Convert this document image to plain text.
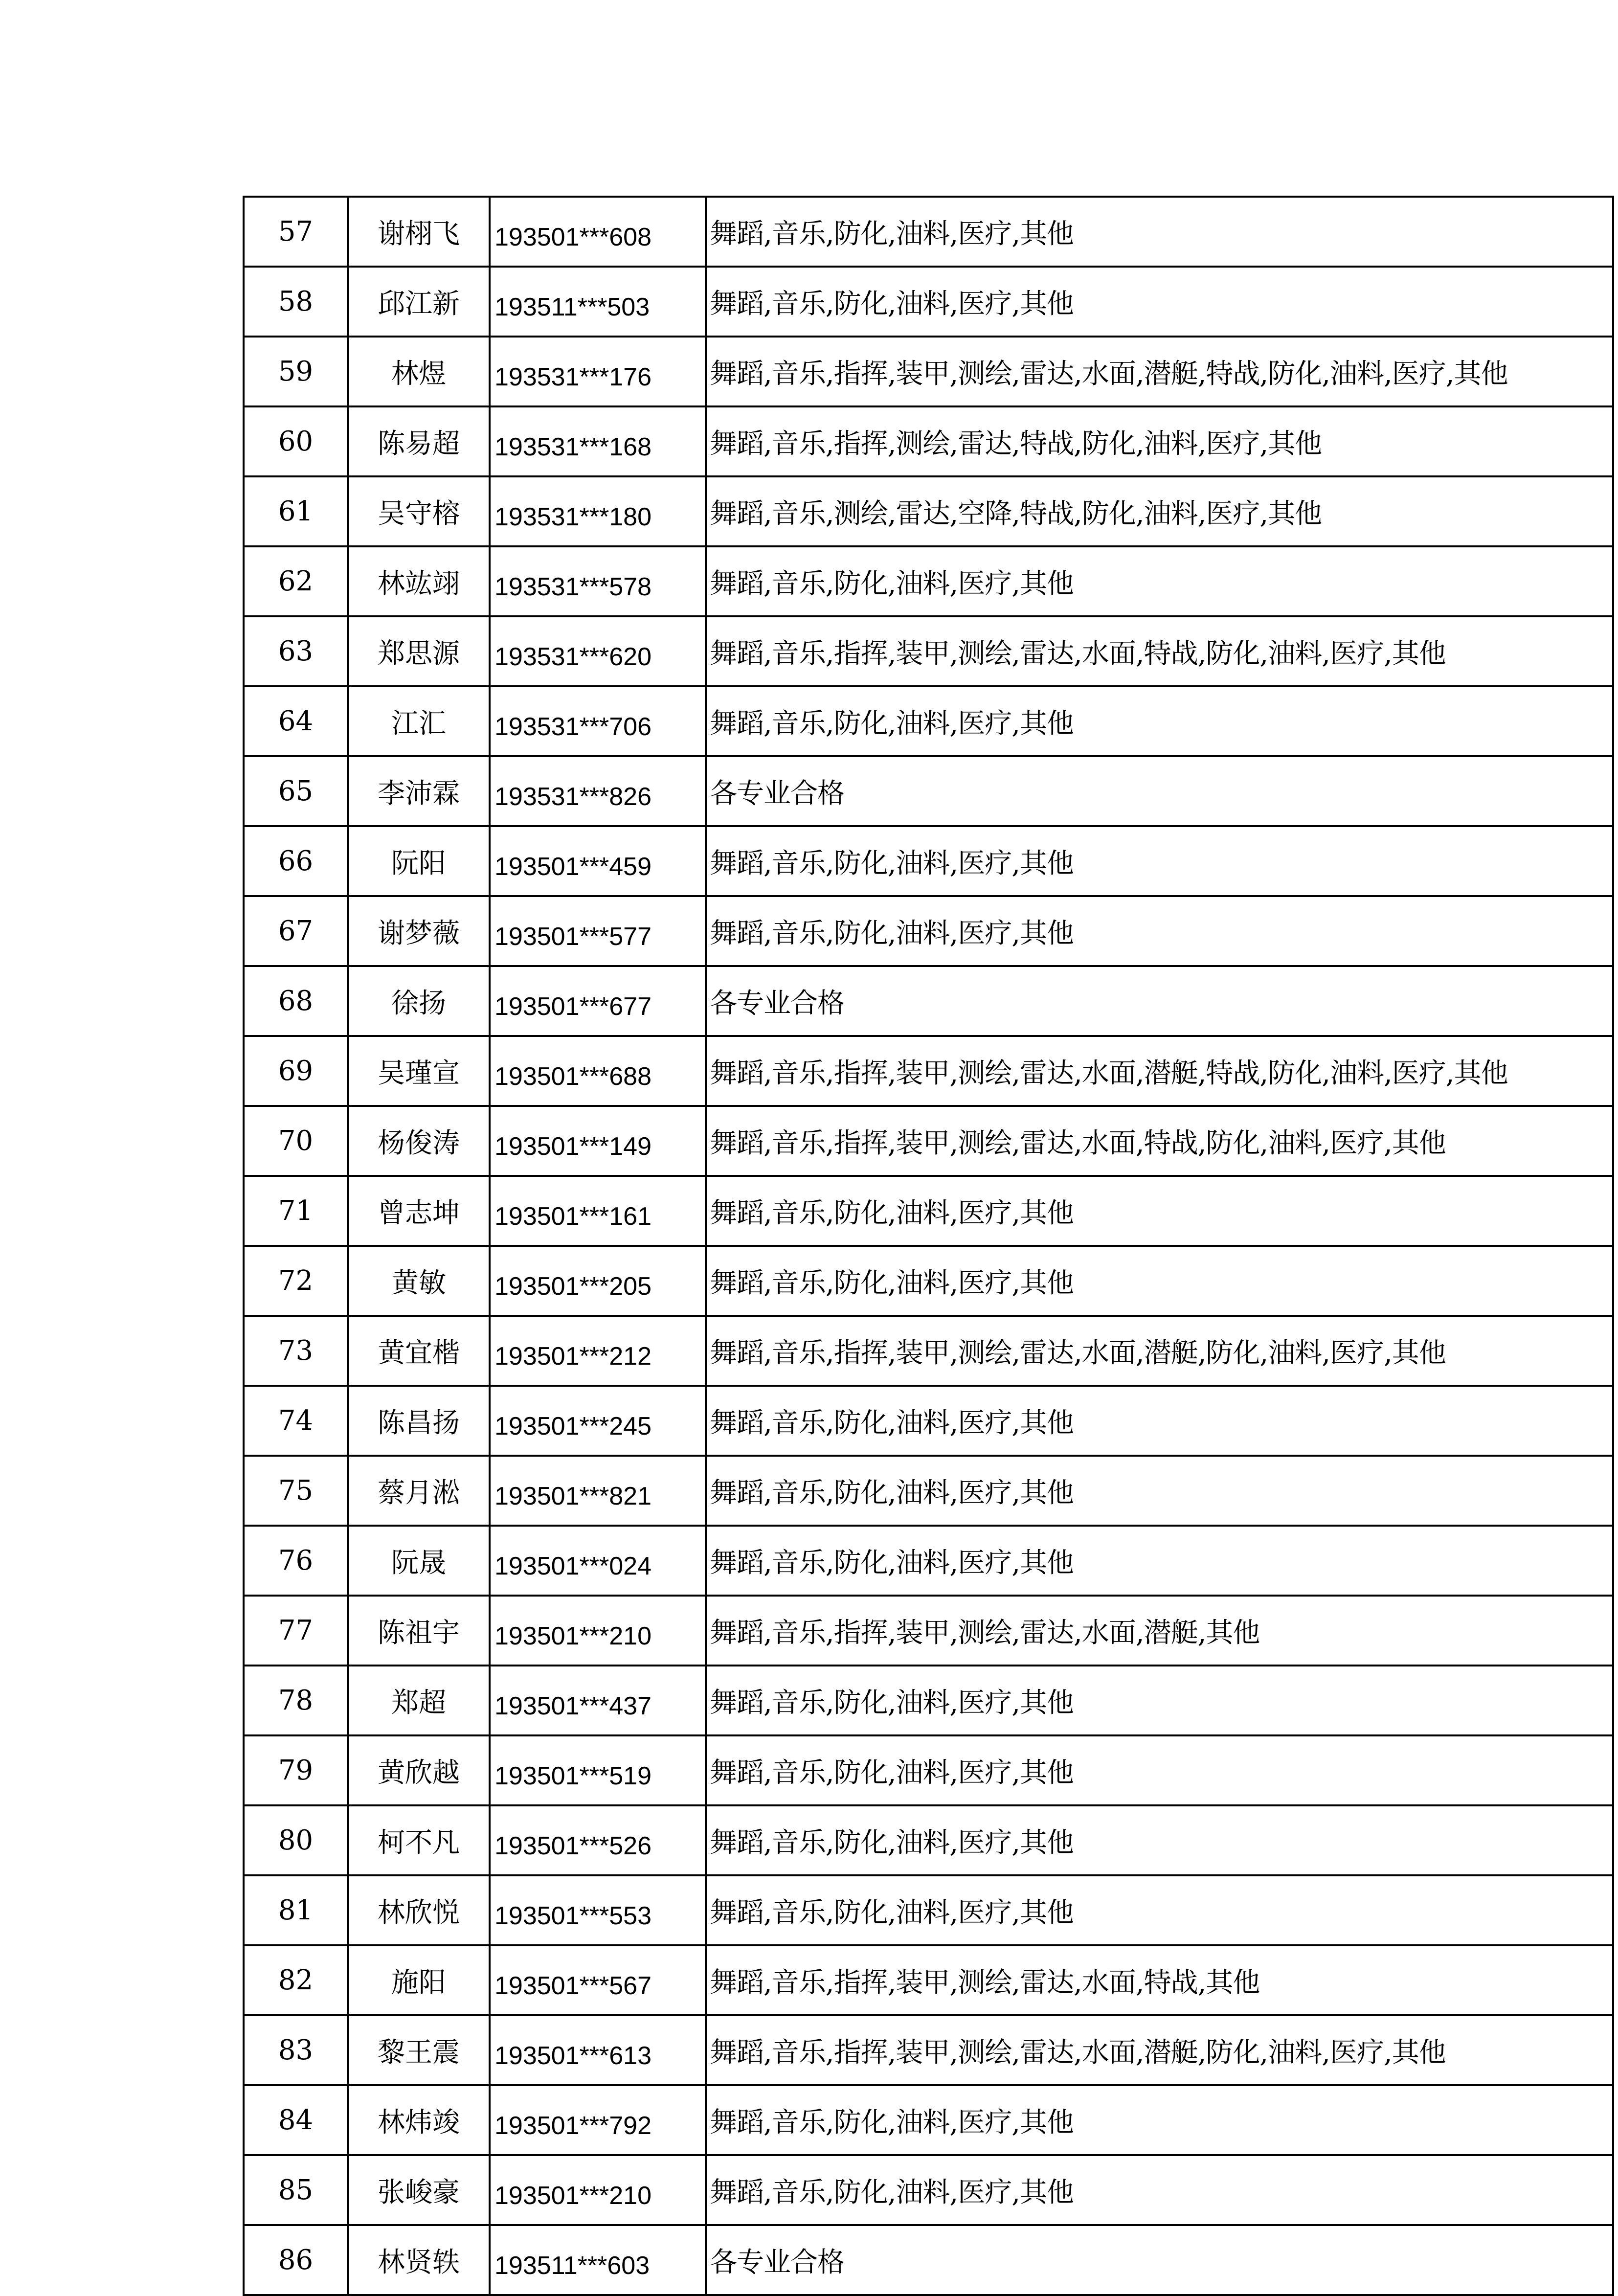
57	谢栩飞	193501***608	舞蹈,音乐,防化,油料,医疗,其他
58	邱江新	193511***503	舞蹈,音乐,防化,油料,医疗,其他
59	林煜	193531***176	舞蹈,音乐,指挥,装甲,测绘,雷达,水面,潜艇,特战,防化,油料,医疗,其他
60	陈易超	193531***168	舞蹈,音乐,指挥,测绘,雷达,特战,防化,油料,医疗,其他
61	吴守榕	193531***180	舞蹈,音乐,测绘,雷达,空降,特战,防化,油料,医疗,其他
62	林竑翊	193531***578	舞蹈,音乐,防化,油料,医疗,其他
63	郑思源	193531***620	舞蹈,音乐,指挥,装甲,测绘,雷达,水面,特战,防化,油料,医疗,其他
64	江汇	193531***706	舞蹈,音乐,防化,油料,医疗,其他
65	李沛霖	193531***826	各专业合格
66	阮阳	193501***459	舞蹈,音乐,防化,油料,医疗,其他
67	谢梦薇	193501***577	舞蹈,音乐,防化,油料,医疗,其他
68	徐扬	193501***677	各专业合格
69	吴瑾宣	193501***688	舞蹈,音乐,指挥,装甲,测绘,雷达,水面,潜艇,特战,防化,油料,医疗,其他
70	杨俊涛	193501***149	舞蹈,音乐,指挥,装甲,测绘,雷达,水面,特战,防化,油料,医疗,其他
71	曾志坤	193501***161	舞蹈,音乐,防化,油料,医疗,其他
72	黄敏	193501***205	舞蹈,音乐,防化,油料,医疗,其他
73	黄宜楷	193501***212	舞蹈,音乐,指挥,装甲,测绘,雷达,水面,潜艇,防化,油料,医疗,其他
74	陈昌扬	193501***245	舞蹈,音乐,防化,油料,医疗,其他
75	蔡月淞	193501***821	舞蹈,音乐,防化,油料,医疗,其他
76	阮晟	193501***024	舞蹈,音乐,防化,油料,医疗,其他
77	陈祖宇	193501***210	舞蹈,音乐,指挥,装甲,测绘,雷达,水面,潜艇,其他
78	郑超	193501***437	舞蹈,音乐,防化,油料,医疗,其他
79	黄欣越	193501***519	舞蹈,音乐,防化,油料,医疗,其他
80	柯不凡	193501***526	舞蹈,音乐,防化,油料,医疗,其他
81	林欣悦	193501***553	舞蹈,音乐,防化,油料,医疗,其他
82	施阳	193501***567	舞蹈,音乐,指挥,装甲,测绘,雷达,水面,特战,其他
83	黎王震	193501***613	舞蹈,音乐,指挥,装甲,测绘,雷达,水面,潜艇,防化,油料,医疗,其他
84	林炜竣	193501***792	舞蹈,音乐,防化,油料,医疗,其他
85	张峻豪	193501***210	舞蹈,音乐,防化,油料,医疗,其他
86	林贤轶	193511***603	各专业合格
